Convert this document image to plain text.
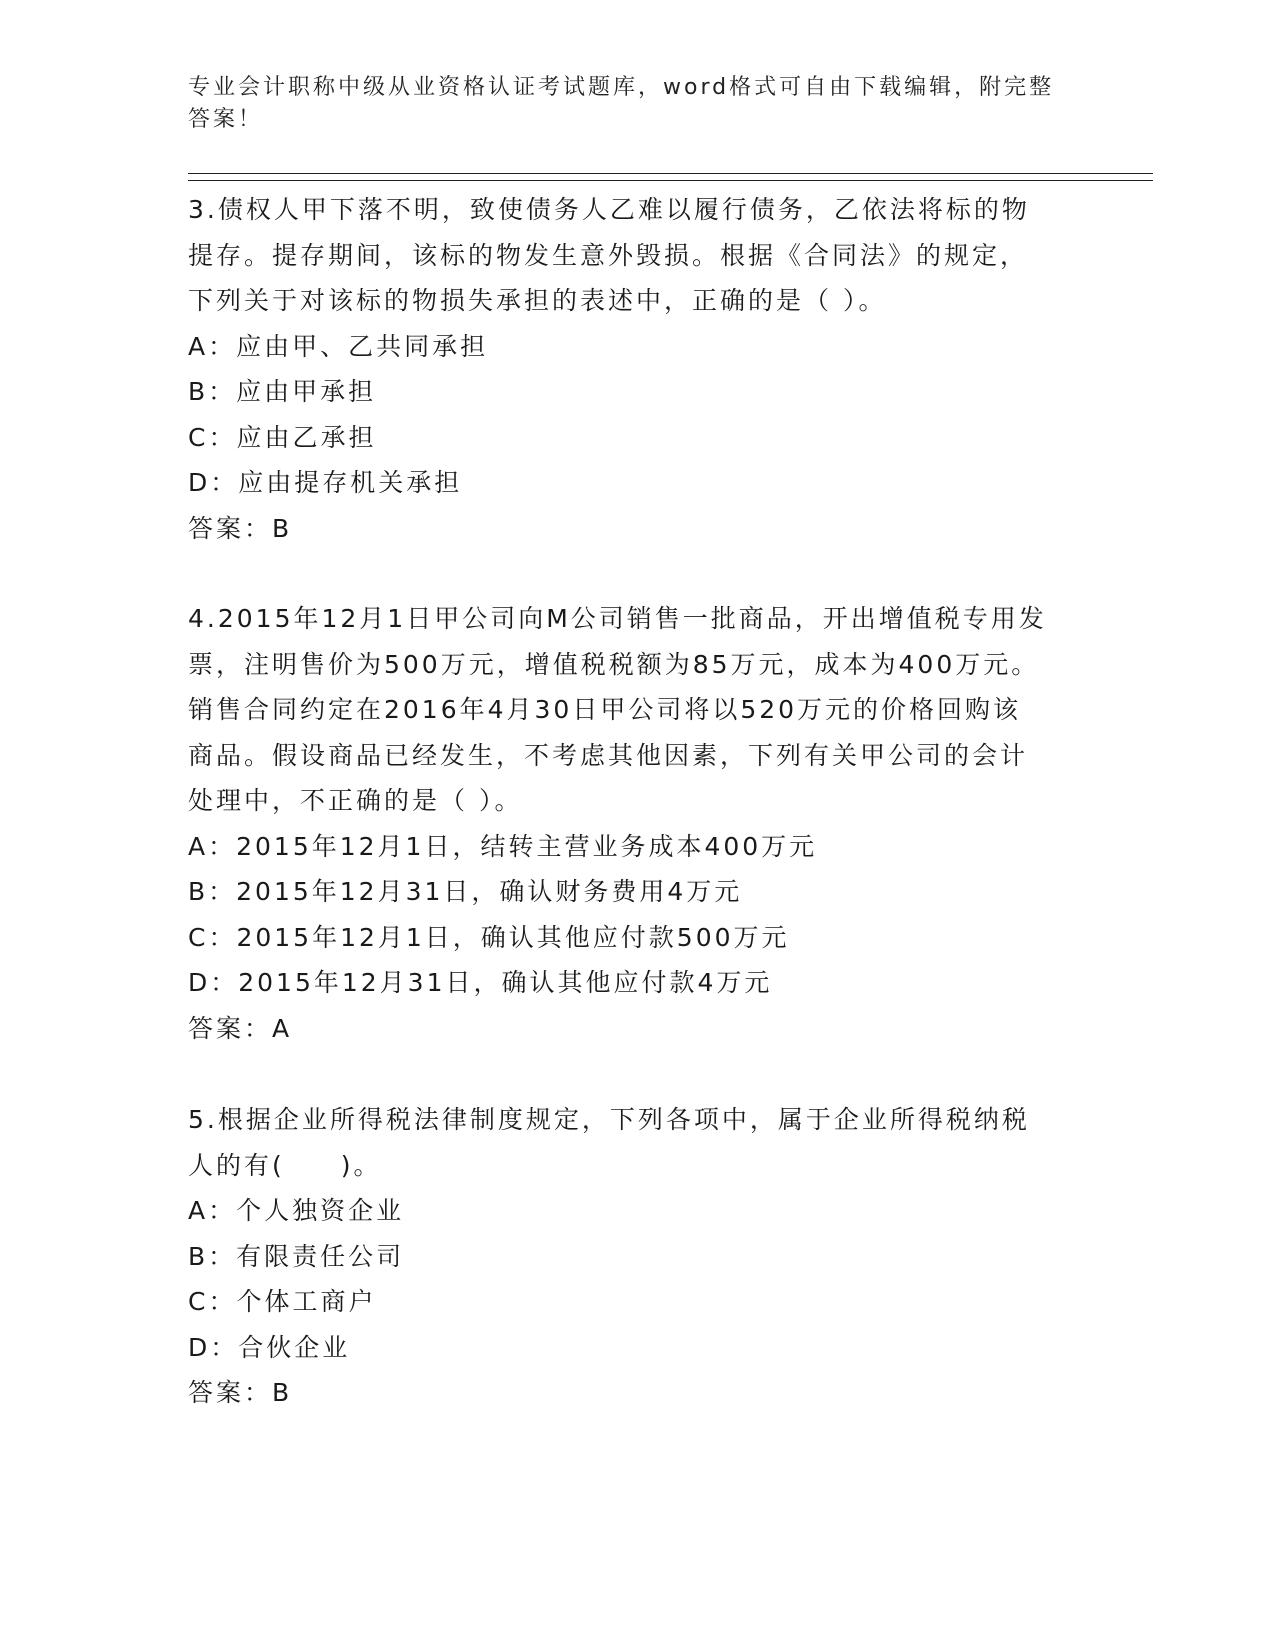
专业会计职称中级从业资格认证考试题库，word格式可自由下载编辑，附完整答案！

3.债权人甲下落不明，致使债务人乙难以履行债务，乙依法将标的物

提存。提存期间，该标的物发生意外毁损。根据《合同法》的规定，

下列关于对该标的物损失承担的表述中，正确的是（ ）。

A：应由甲、乙共同承担

B：应由甲承担

C：应由乙承担

D：应由提存机关承担

答案：B

4.2015年12月1日甲公司向M公司销售一批商品，开出增值税专用发

票，注明售价为500万元，增值税税额为85万元，成本为400万元。

销售合同约定在2016年4月30日甲公司将以520万元的价格回购该

商品。假设商品已经发生，不考虑其他因素，下列有关甲公司的会计

处理中，不正确的是（ ）。

A：2015年12月1日，结转主营业务成本400万元

B：2015年12月31日，确认财务费用4万元

C：2015年12月1日，确认其他应付款500万元

D：2015年12月31日，确认其他应付款4万元

答案：A

5.根据企业所得税法律制度规定，下列各项中，属于企业所得税纳税

人的有(　　)。

A：个人独资企业

B：有限责任公司

C：个体工商户

D：合伙企业

答案：B
